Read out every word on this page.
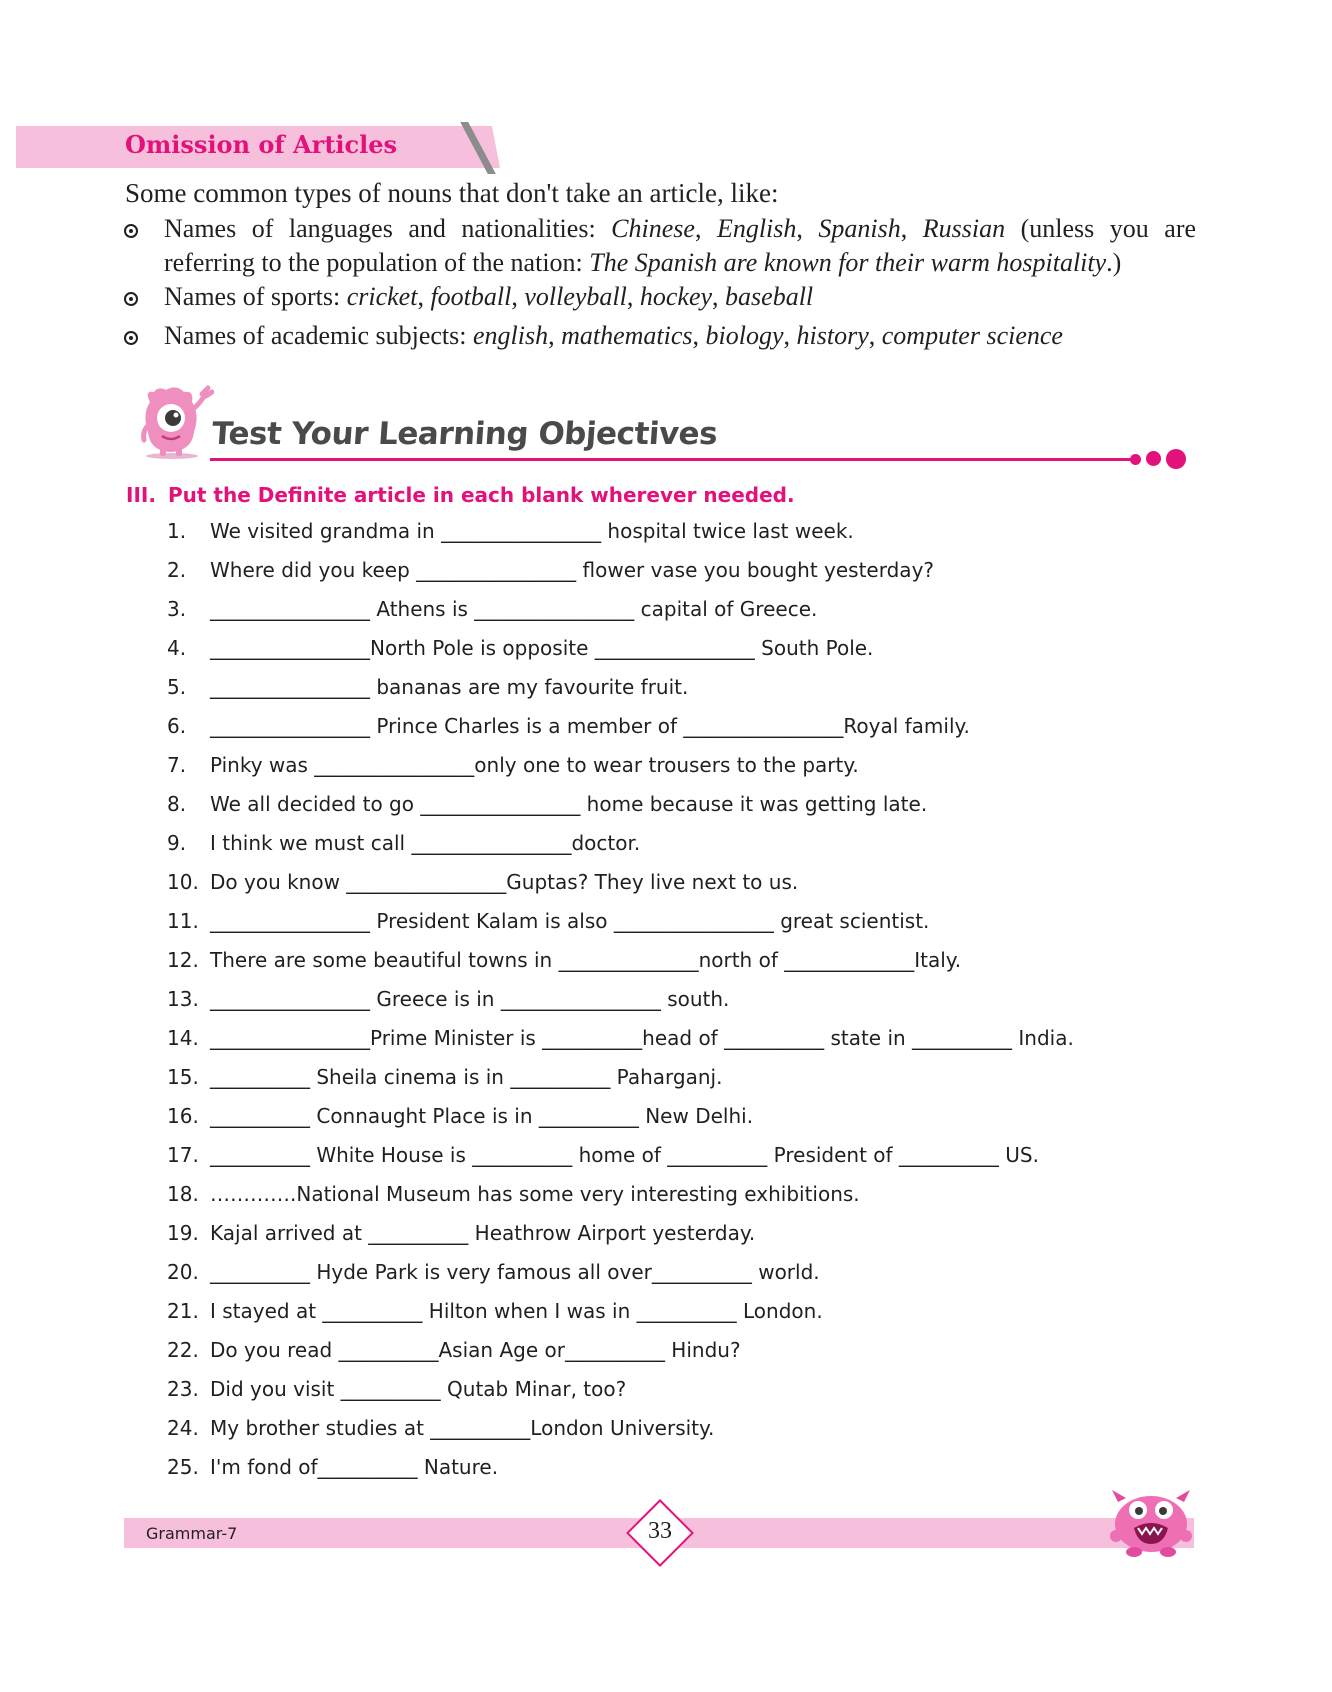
Omission of Articles
Some common types of nouns that don't take an article, like:
Names of languages and nationalities: Chinese, English, Spanish, Russian (unless you are
referring to the population of the nation: The Spanish are known for their warm hospitality.)
Names of sports: cricket, football, volleyball, hockey, baseball
Names of academic subjects: english, mathematics, biology, history, computer science
Test Your Learning Objectives
III. Put the Definite article in each blank wherever needed.
1.	We visited grandma in ________________ hospital twice last week.
2.	Where did you keep ________________ flower vase you bought yesterday?
3.	________________ Athens is ________________ capital of Greece.
4.	________________North Pole is opposite ________________ South Pole.
5.	________________ bananas are my favourite fruit.
6.	________________ Prince Charles is a member of ________________Royal family.
7.	Pinky was ________________only one to wear trousers to the party.
8.	We all decided to go ________________ home because it was getting late.
9.	I think we must call ________________doctor.
10. Do you know ________________Guptas? They live next to us.
11. ________________ President Kalam is also ________________ great scientist.
12. There are some beautiful towns in ______________north of _____________Italy.
13. ________________ Greece is in ________________ south.
14. ________________Prime Minister is __________head of __________ state in __________ India.
15. __________ Sheila cinema is in __________ Paharganj.
16. __________ Connaught Place is in __________ New Delhi.
17. __________ White House is __________ home of __________ President of __________ US.
18. ………….National Museum has some very interesting exhibitions.
19. Kajal arrived at __________ Heathrow Airport yesterday.
20. __________ Hyde Park is very famous all over__________ world.
21. I stayed at __________ Hilton when I was in __________ London.
22. Do you read __________Asian Age or__________ Hindu?
23. Did you visit __________ Qutab Minar, too?
24. My brother studies at __________London University.
25. I'm fond of__________ Nature.
Grammar-7	33
